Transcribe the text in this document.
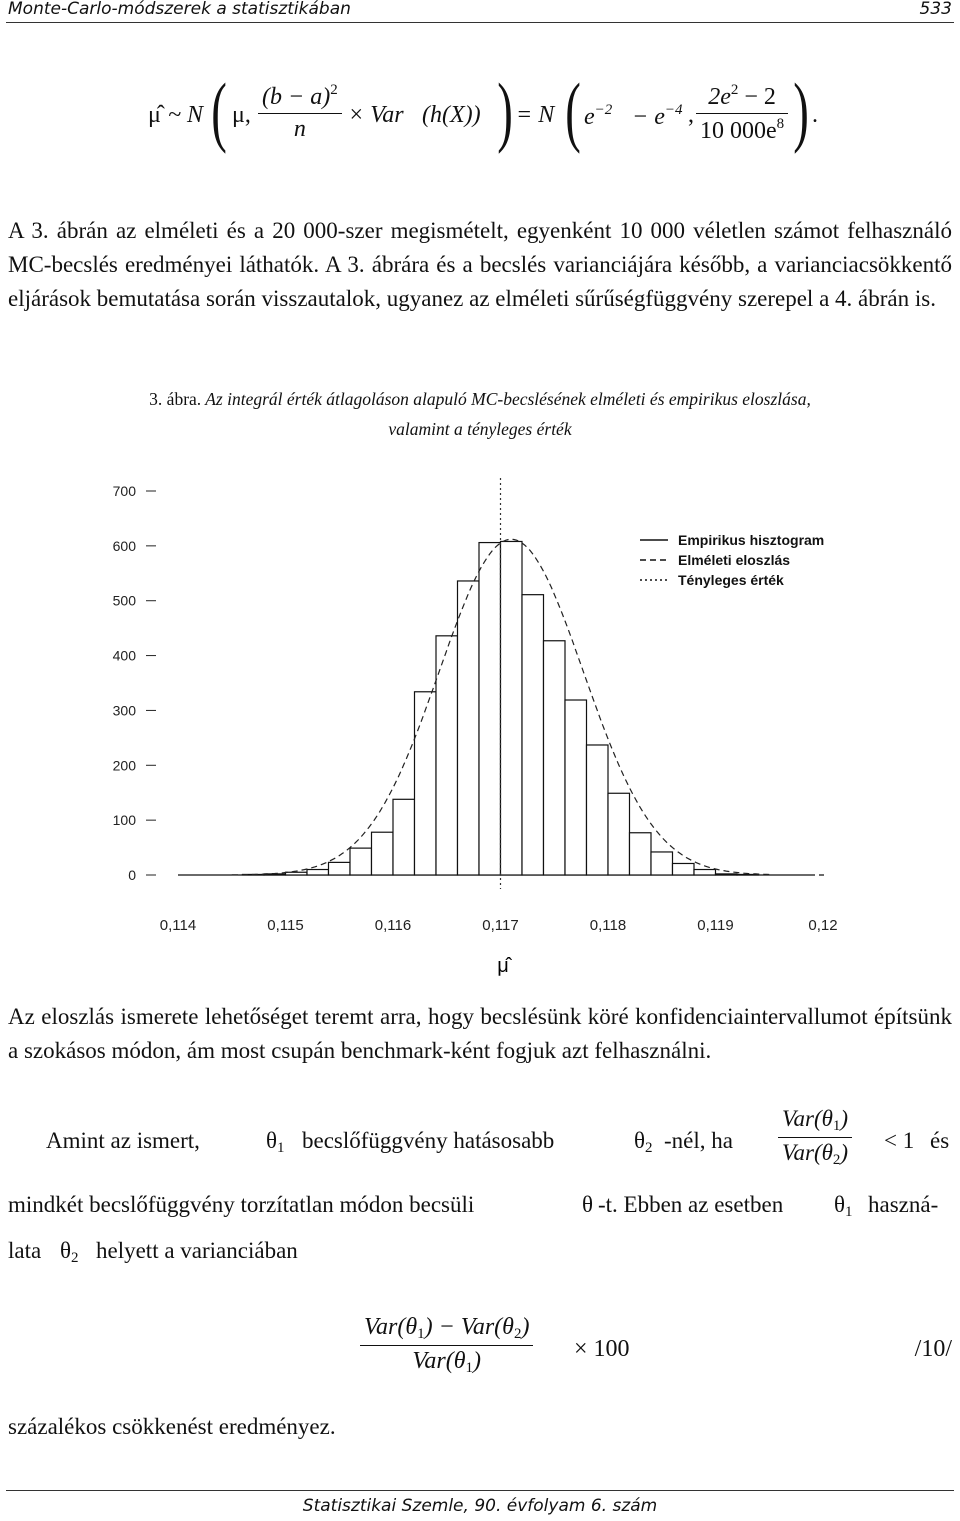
Monte-Carlo-módszerek a statisztikában	533
μ̂ ~ N ( μ, $\frac{(b - a)^2}{n}$ × Var (h(X)) ) = N ( $e^{-2} - e^{-4}$ , $\frac{2e^2 - 2}{10 000e^8}$ ) .
A 3. ábrán az elméleti és a 20 000-szer megismételt, egyenként 10 000 véletlen számot felhasználó MC-becslés eredményei láthatók. A 3. ábrára és a becslés varianciájára később, a varianciacsökkentő eljárások bemutatása során visszautalok, ugyanez az elméleti sűrűségfüggvény szerepel a 4. ábrán is.
3. ábra. Az integrál érték átlagoláson alapuló MC-becslésének elméleti és empirikus eloszlása,
valamint a tényleges érték
0
100
200
300
400
500
600
700
0,114	0,115	0,116	0,117	0,118	0,119	0,12
Empirikus hisztogram
Elméleti eloszlás
Tényleges érték
μ̂
Az eloszlás ismerete lehetőséget teremt arra, hogy becslésünk köré konfidenciaintervallumot építsünk a szokásos módon, ám most csupán benchmark-ként fogjuk azt felhasználni.
Amint az ismert,	$\theta_1$ becslőfüggvény hatásosabb	$\theta_2$ -nél, ha
$Var(\theta_1)$
$Var(\theta_2) < 1$ és
mindkét becslőfüggvény torzítatlan módon becsüli	θ -t. Ebben az esetben $\theta_1$ haszná-
lata $\theta_2$ helyett a varianciában
$Var(\theta_1) - Var(\theta_2)$
$Var(\theta_1)$	× 100	/10/
százalékos csökkenést eredményez.
Statisztikai Szemle, 90. évfolyam 6. szám
